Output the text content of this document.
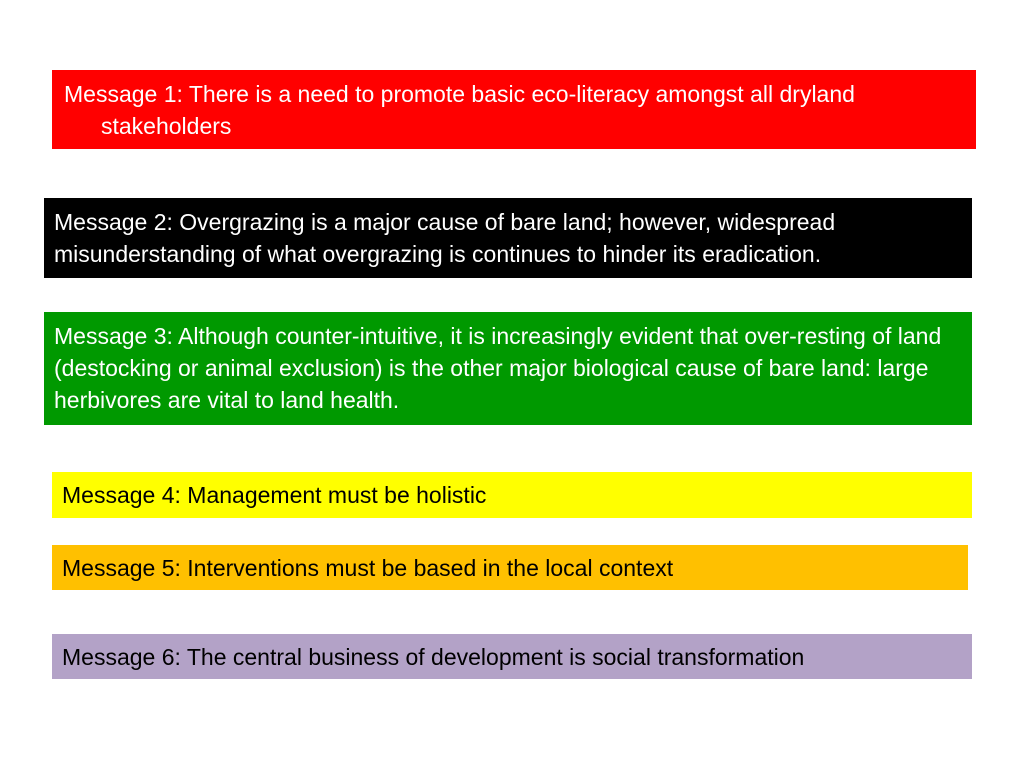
Message 1: There is a need to promote basic eco-literacy amongst all dryland stakeholders
Message 2: Overgrazing is a major cause of bare land; however, widespread misunderstanding of what overgrazing is continues to hinder its eradication.
Message 3: Although counter-intuitive, it is increasingly evident that over-resting of land (destocking or animal exclusion) is the other major biological cause of bare land: large herbivores are vital to land health.
Message 4: Management must be holistic
Message 5: Interventions must be based in the local context
Message 6: The central business of development is social transformation
